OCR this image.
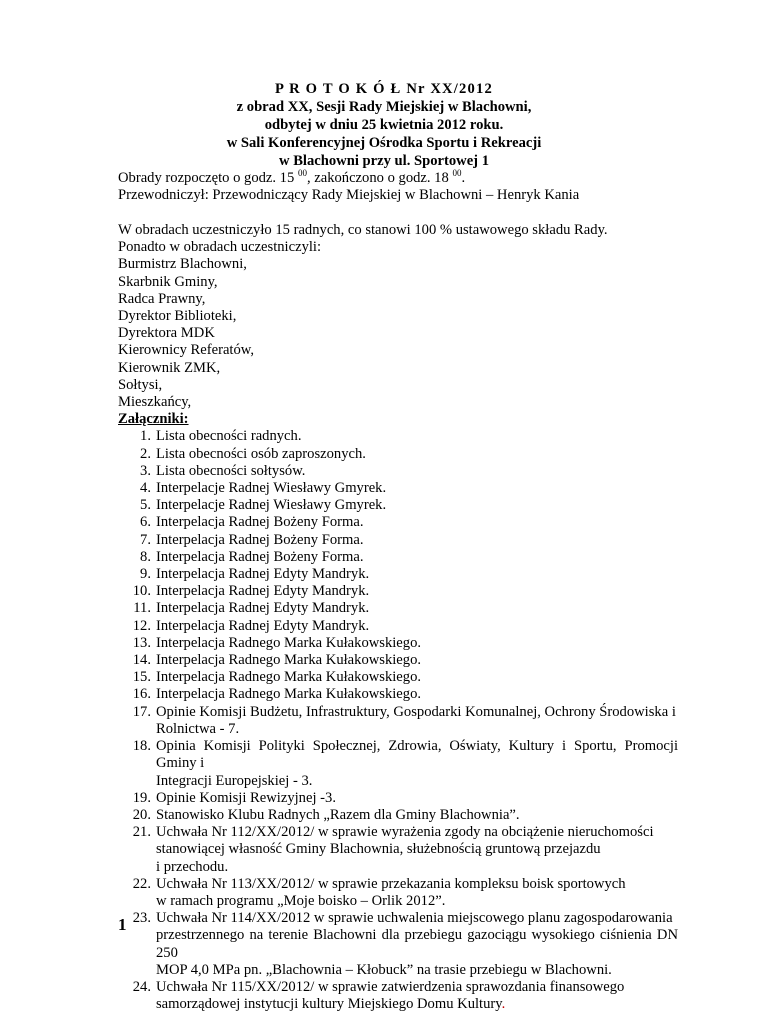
P R O T O K Ó Ł Nr XX/2012
z obrad XX, Sesji Rady Miejskiej w Blachowni,
odbytej w dniu 25 kwietnia 2012 roku.
w Sali Konferencyjnej Ośrodka Sportu i Rekreacji
w Blachowni przy ul. Sportowej 1
Obrady rozpoczęto o godz. 15 $^{00}$, zakończono o godz. 18 $^{00}$.
Przewodniczył: Przewodniczący Rady Miejskiej w Blachowni – Henryk Kania
W obradach uczestniczyło 15 radnych, co stanowi 100 % ustawowego składu Rady.
Ponadto w obradach uczestniczyli:
Burmistrz Blachowni,
Skarbnik Gminy,
Radca Prawny,
Dyrektor Biblioteki,
Dyrektora MDK
Kierownicy Referatów,
Kierownik ZMK,
Sołtysi,
Mieszkańcy,
Załączniki:
1. Lista obecności radnych.
2. Lista obecności osób zaproszonych.
3. Lista obecności sołtysów.
4. Interpelacje Radnej Wiesławy Gmyrek.
5. Interpelacje Radnej Wiesławy Gmyrek.
6. Interpelacja Radnej Bożeny Forma.
7. Interpelacja Radnej Bożeny Forma.
8. Interpelacja Radnej Bożeny Forma.
9. Interpelacja Radnej Edyty Mandryk.
10. Interpelacja Radnej Edyty Mandryk.
11. Interpelacja Radnej Edyty Mandryk.
12. Interpelacja Radnej Edyty Mandryk.
13. Interpelacja Radnego Marka Kułakowskiego.
14. Interpelacja Radnego Marka Kułakowskiego.
15. Interpelacja Radnego Marka Kułakowskiego.
16. Interpelacja Radnego Marka Kułakowskiego.
17. Opinie Komisji Budżetu, Infrastruktury, Gospodarki Komunalnej, Ochrony Środowiska i
Rolnictwa - 7.
18. Opinia Komisji Polityki Społecznej, Zdrowia, Oświaty, Kultury i Sportu, Promocji Gminy i
Integracji Europejskiej - 3.
19. Opinie Komisji Rewizyjnej -3.
20. Stanowisko Klubu Radnych „Razem dla Gminy Blachownia”.
21. Uchwała Nr 112/XX/2012/ w sprawie wyrażenia zgody na obciążenie nieruchomości
stanowiącej własność Gminy Blachownia, służebnością gruntową przejazdu
i przechodu.
22. Uchwała Nr 113/XX/2012/ w sprawie przekazania kompleksu boisk sportowych
w ramach programu „Moje boisko – Orlik 2012”.
23. Uchwała Nr 114/XX/2012 w sprawie uchwalenia miejscowego planu zagospodarowania
przestrzennego na terenie Blachowni dla przebiegu gazociągu wysokiego ciśnienia DN 250
MOP 4,0 MPa pn. „Blachownia – Kłobuck” na trasie przebiegu w Blachowni.
24. Uchwała Nr 115/XX/2012/ w sprawie zatwierdzenia sprawozdania finansowego
samorządowej instytucji kultury Miejskiego Domu Kultury.
1
